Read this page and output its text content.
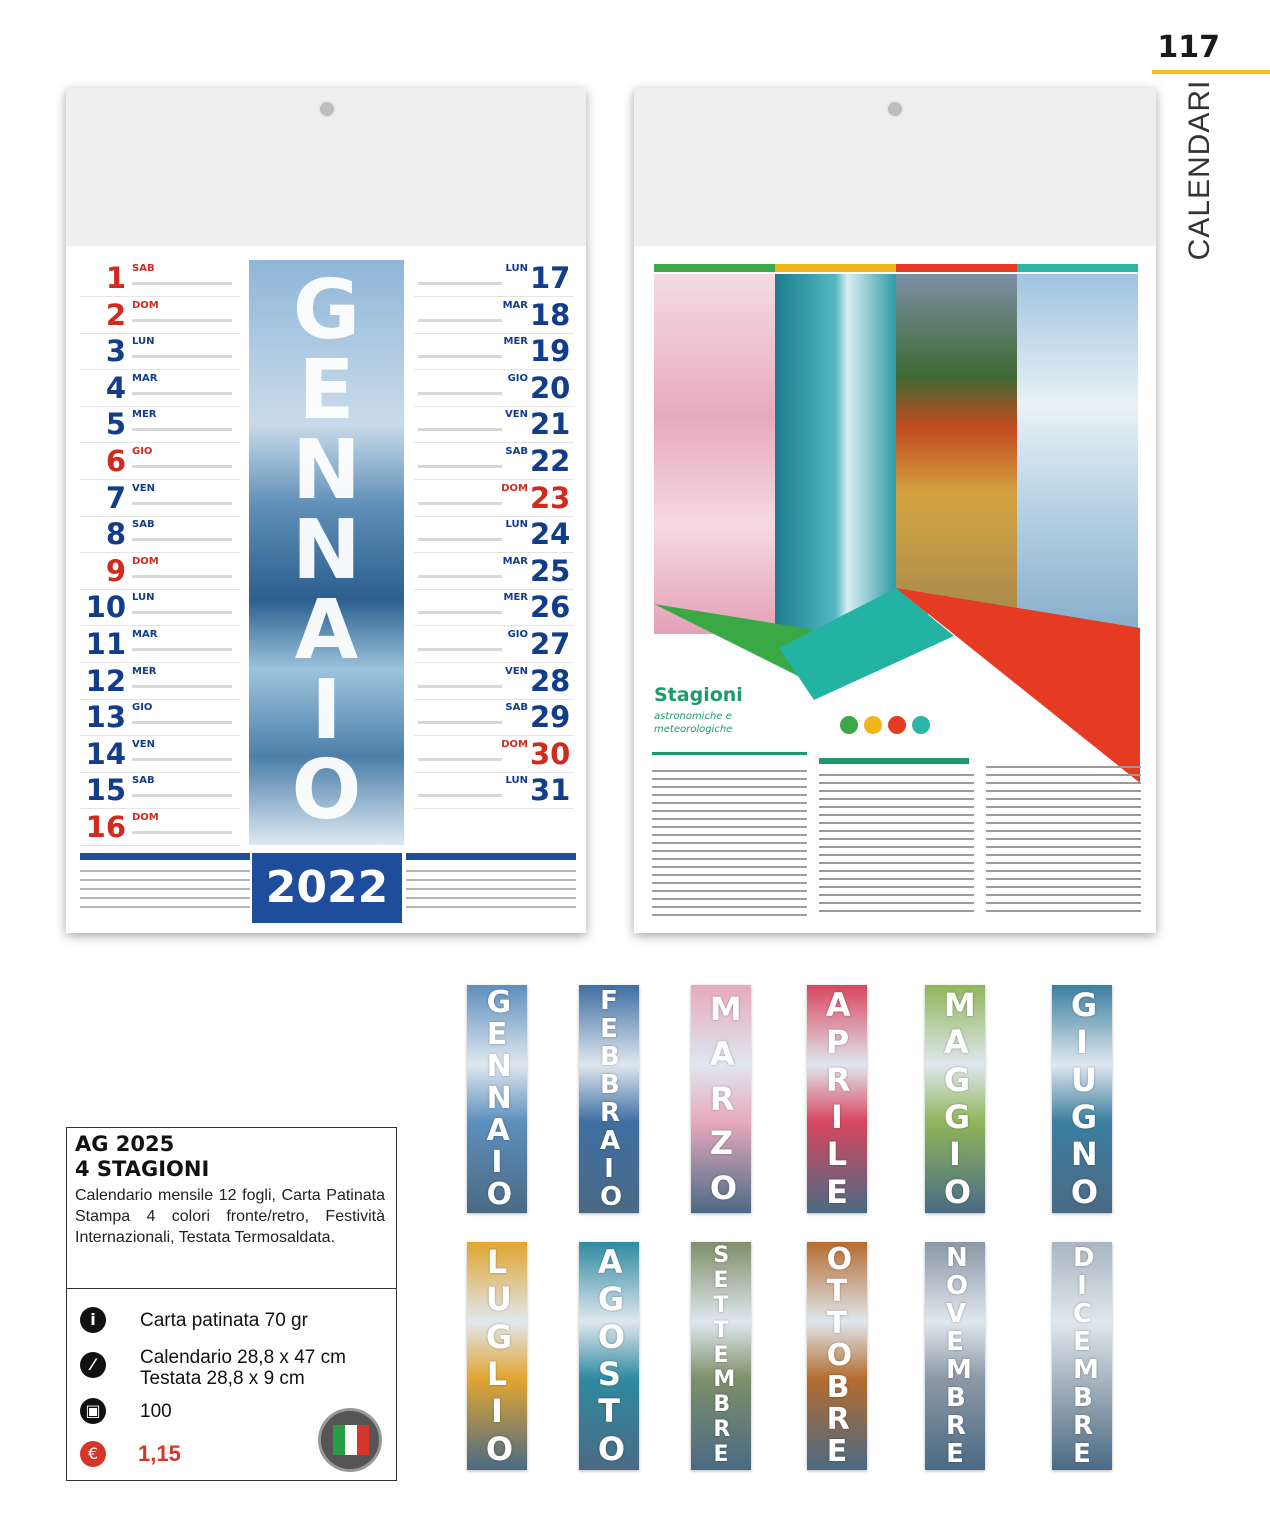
117
CALENDARI
1 SAB
2 DOM
3 LUN
4 MAR
5 MER
6 GIO
7 VEN
8 SAB
9 DOM
10 LUN
11 MAR
12 MER
13 GIO
14 VEN
15 SAB
16 DOM
LUN 17
MAR 18
MER 19
GIO 20
VEN 21
SAB 22
DOM 23
LUN 24
MAR 25
MER 26
GIO 27
VEN 28
SAB 29
DOM 30
LUN 31
G
E
N
N
A
I
O
2022
Stagioni
astronomiche e meteorologiche
GENNAIO
FEBBRAIO
MARZO
APRILE
MAGGIO
GIUGNO
LUGLIO
AGOSTO
SETTEMBRE
OTTOBRE
NOVEMBRE
DICEMBRE
AG 2025
4 STAGIONI
Calendario mensile 12 fogli, Carta Patinata Stampa 4 colori fronte/retro, Festività Internazionali, Testata Termosaldata.
i	Carta patinata 70 gr
⁄	Calendario 28,8 x 47 cm
Testata 28,8 x 9 cm
▣ 100
€	1,15
